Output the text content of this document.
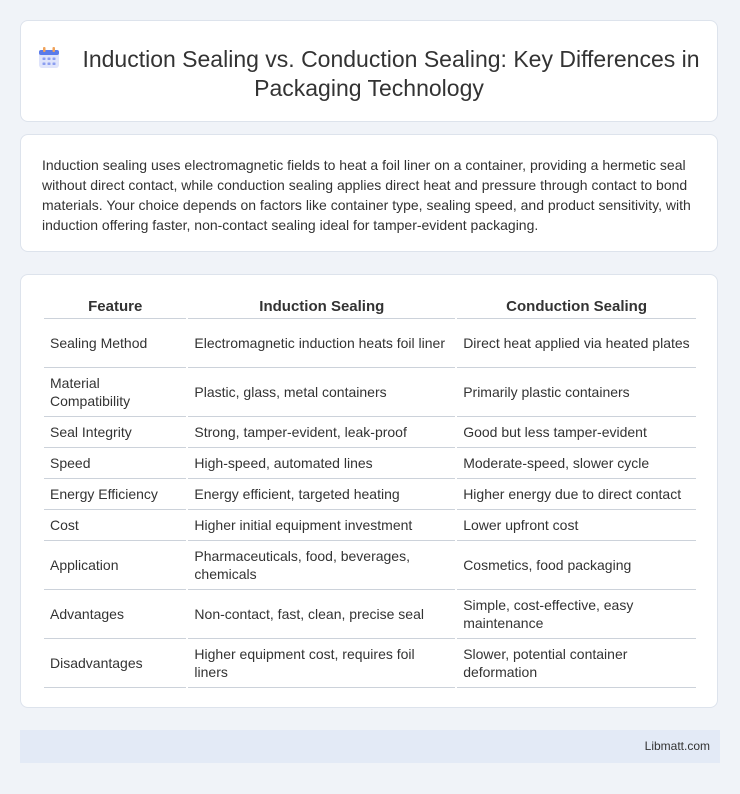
Induction Sealing vs. Conduction Sealing: Key Differences in Packaging Technology
Induction sealing uses electromagnetic fields to heat a foil liner on a container, providing a hermetic seal without direct contact, while conduction sealing applies direct heat and pressure through contact to bond materials. Your choice depends on factors like container type, sealing speed, and product sensitivity, with induction offering faster, non-contact sealing ideal for tamper-evident packaging.
Feature	Induction Sealing	Conduction Sealing
Sealing Method	Electromagnetic induction heats foil liner	Direct heat applied via heated plates
Material Compatibility	Plastic, glass, metal containers	Primarily plastic containers
Seal Integrity	Strong, tamper-evident, leak-proof	Good but less tamper-evident
Speed	High-speed, automated lines	Moderate-speed, slower cycle
Energy Efficiency	Energy efficient, targeted heating	Higher energy due to direct contact
Cost	Higher initial equipment investment	Lower upfront cost
Application	Pharmaceuticals, food, beverages, chemicals	Cosmetics, food packaging
Advantages	Non-contact, fast, clean, precise seal	Simple, cost-effective, easy maintenance
Disadvantages	Higher equipment cost, requires foil liners	Slower, potential container deformation
Libmatt.com
